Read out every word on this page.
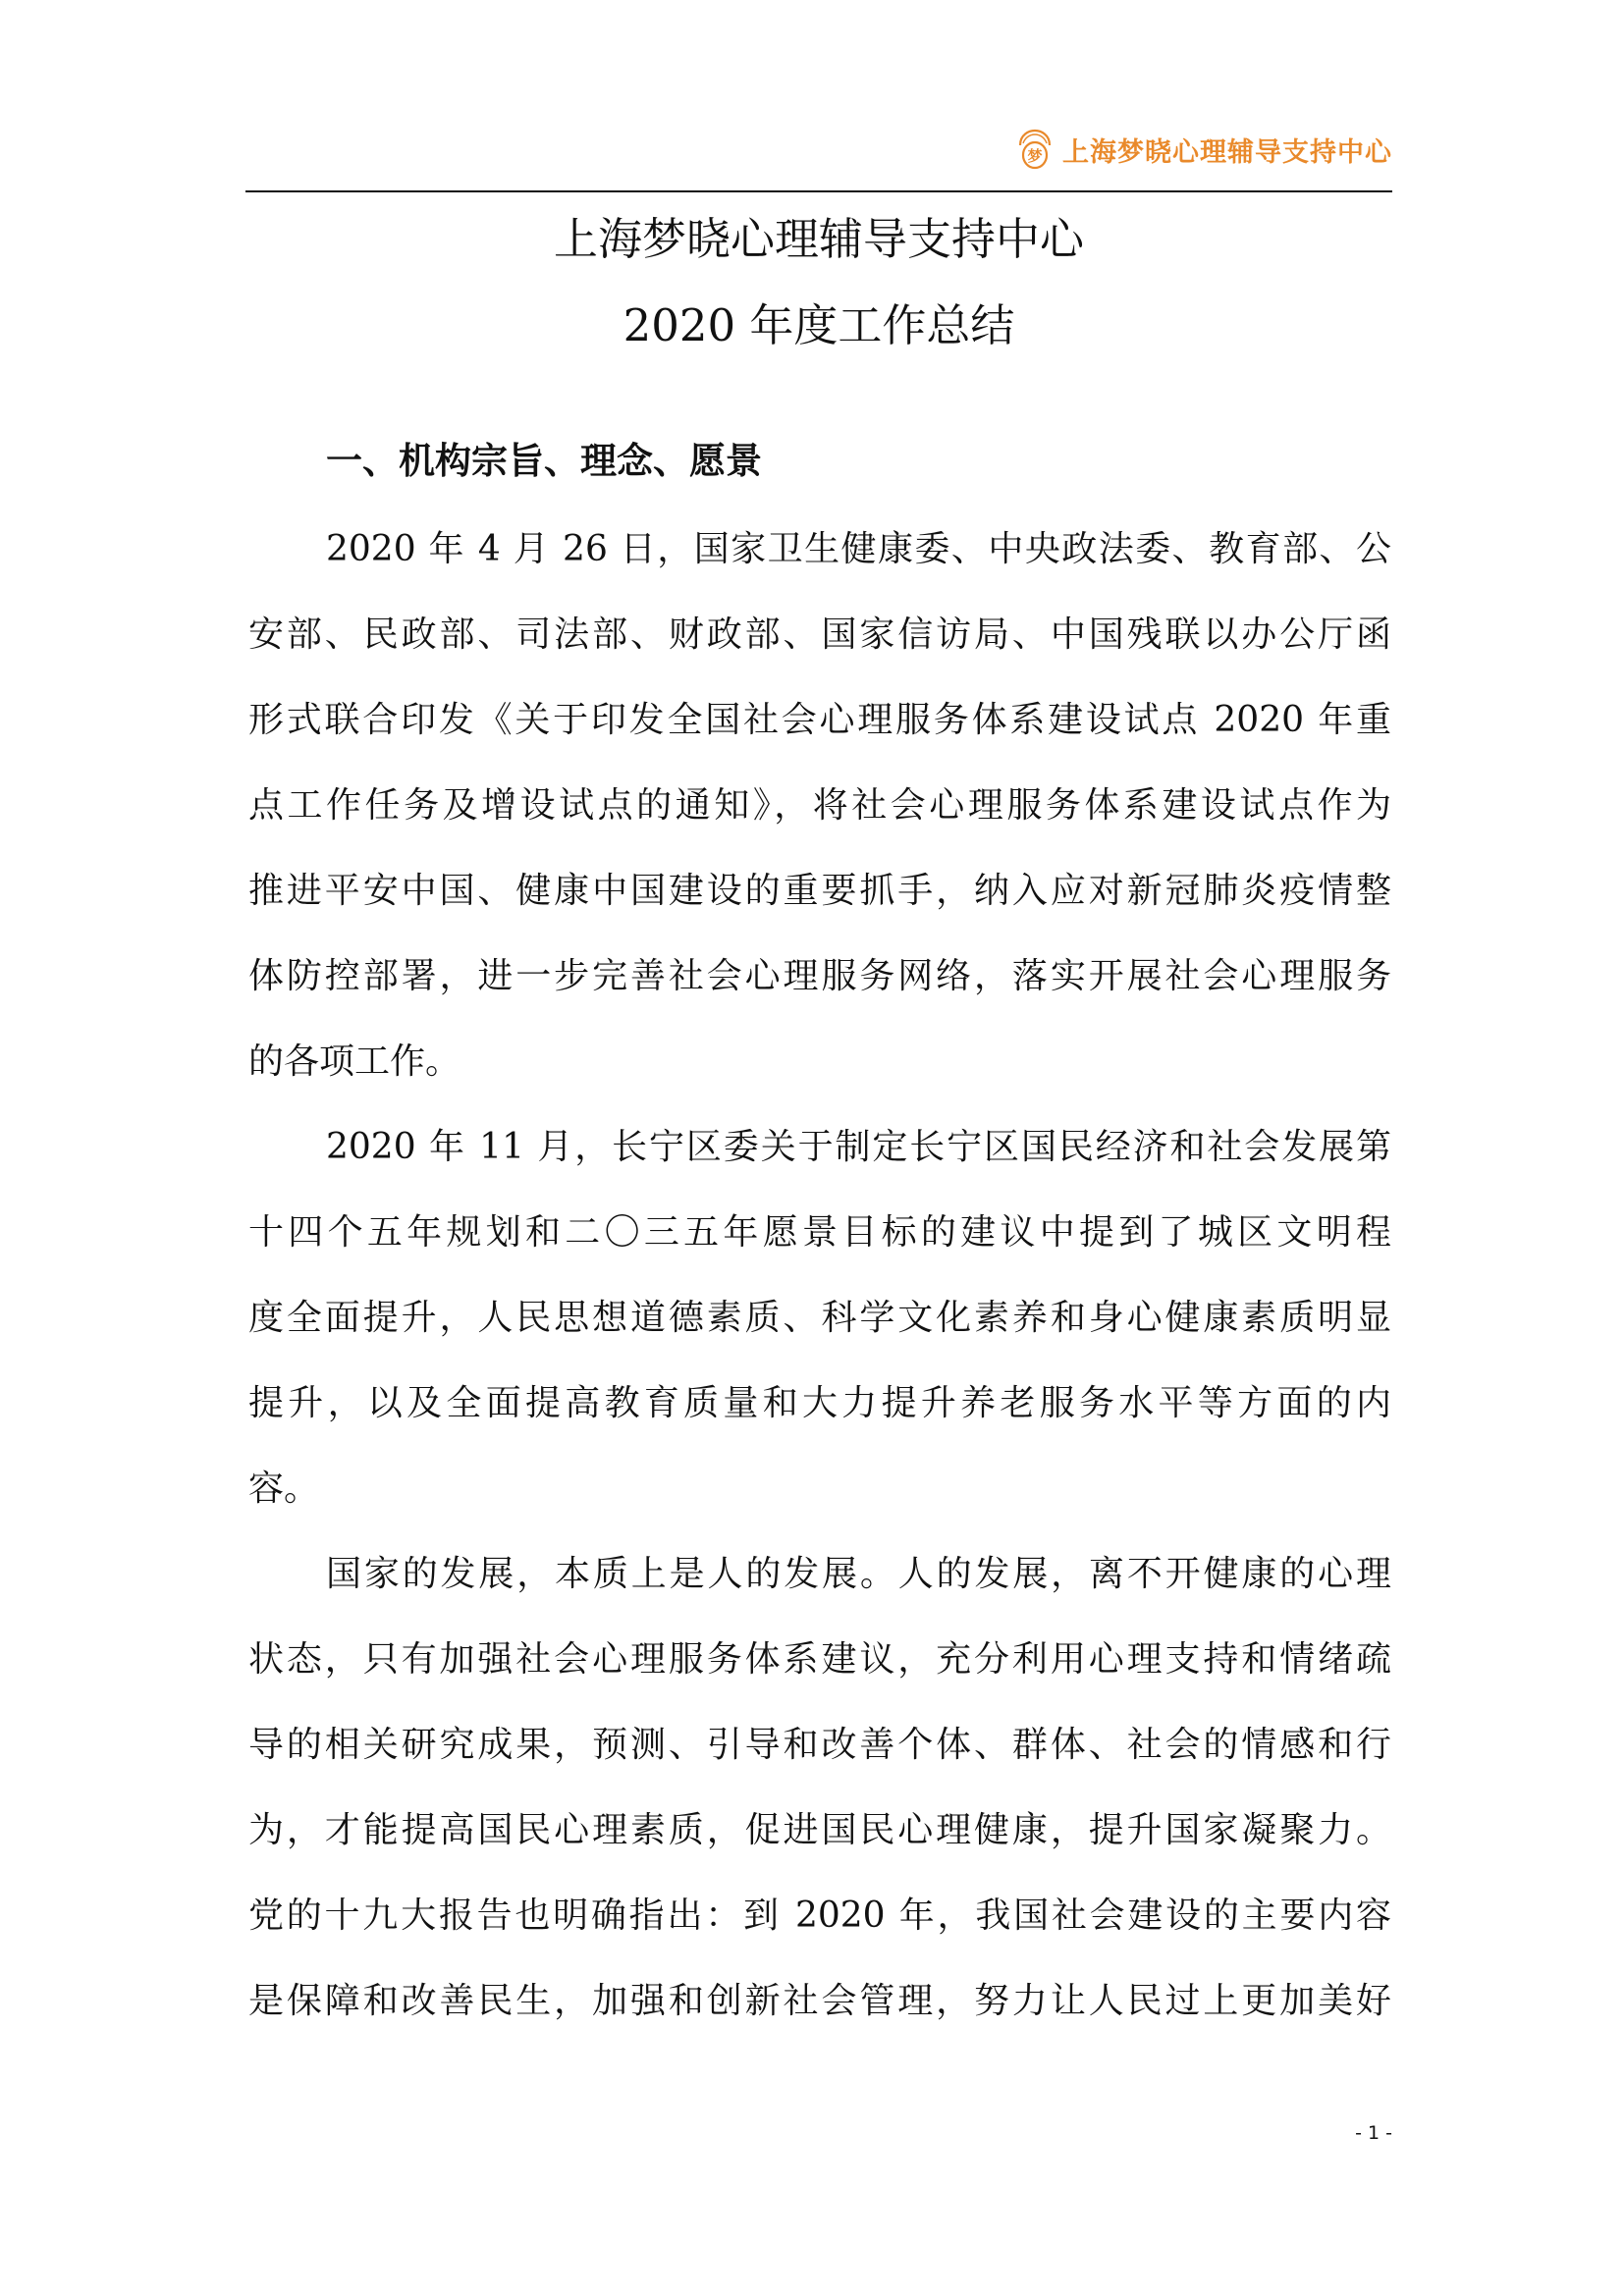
梦 上海梦晓心理辅导支持中心
上海梦晓心理辅导支持中心
2020 年度工作总结
一、机构宗旨、理念、愿景
2020 年 4 月 26 日，国家卫生健康委、中央政法委、教育部、公
安部、民政部、司法部、财政部、国家信访局、中国残联以办公厅函
形式联合印发《关于印发全国社会心理服务体系建设试点 2020 年重
点工作任务及增设试点的通知》，将社会心理服务体系建设试点作为
推进平安中国、健康中国建设的重要抓手，纳入应对新冠肺炎疫情整
体防控部署，进一步完善社会心理服务网络，落实开展社会心理服务
的各项工作。
2020 年 11 月，长宁区委关于制定长宁区国民经济和社会发展第
十四个五年规划和二〇三五年愿景目标的建议中提到了城区文明程
度全面提升，人民思想道德素质、科学文化素养和身心健康素质明显
提升，以及全面提高教育质量和大力提升养老服务水平等方面的内
容。
国家的发展，本质上是人的发展。人的发展，离不开健康的心理
状态，只有加强社会心理服务体系建议，充分利用心理支持和情绪疏
导的相关研究成果，预测、引导和改善个体、群体、社会的情感和行
为，才能提高国民心理素质，促进国民心理健康，提升国家凝聚力。
党的十九大报告也明确指出：到 2020 年，我国社会建设的主要内容
是保障和改善民生，加强和创新社会管理，努力让人民过上更加美好
- 1 -
